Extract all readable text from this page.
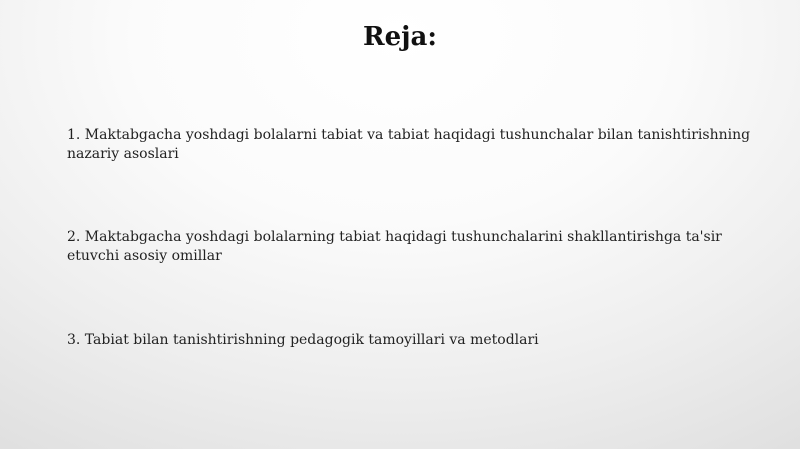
Reja:
1. Maktabgacha yoshdagi bolalarni tabiat va tabiat haqidagi tushunchalar bilan tanishtirishning nazariy asoslari
2. Maktabgacha yoshdagi bolalarning tabiat haqidagi tushunchalarini shakllantirishga ta'sir etuvchi asosiy omillar
3. Tabiat bilan tanishtirishning pedagogik tamoyillari va metodlari
